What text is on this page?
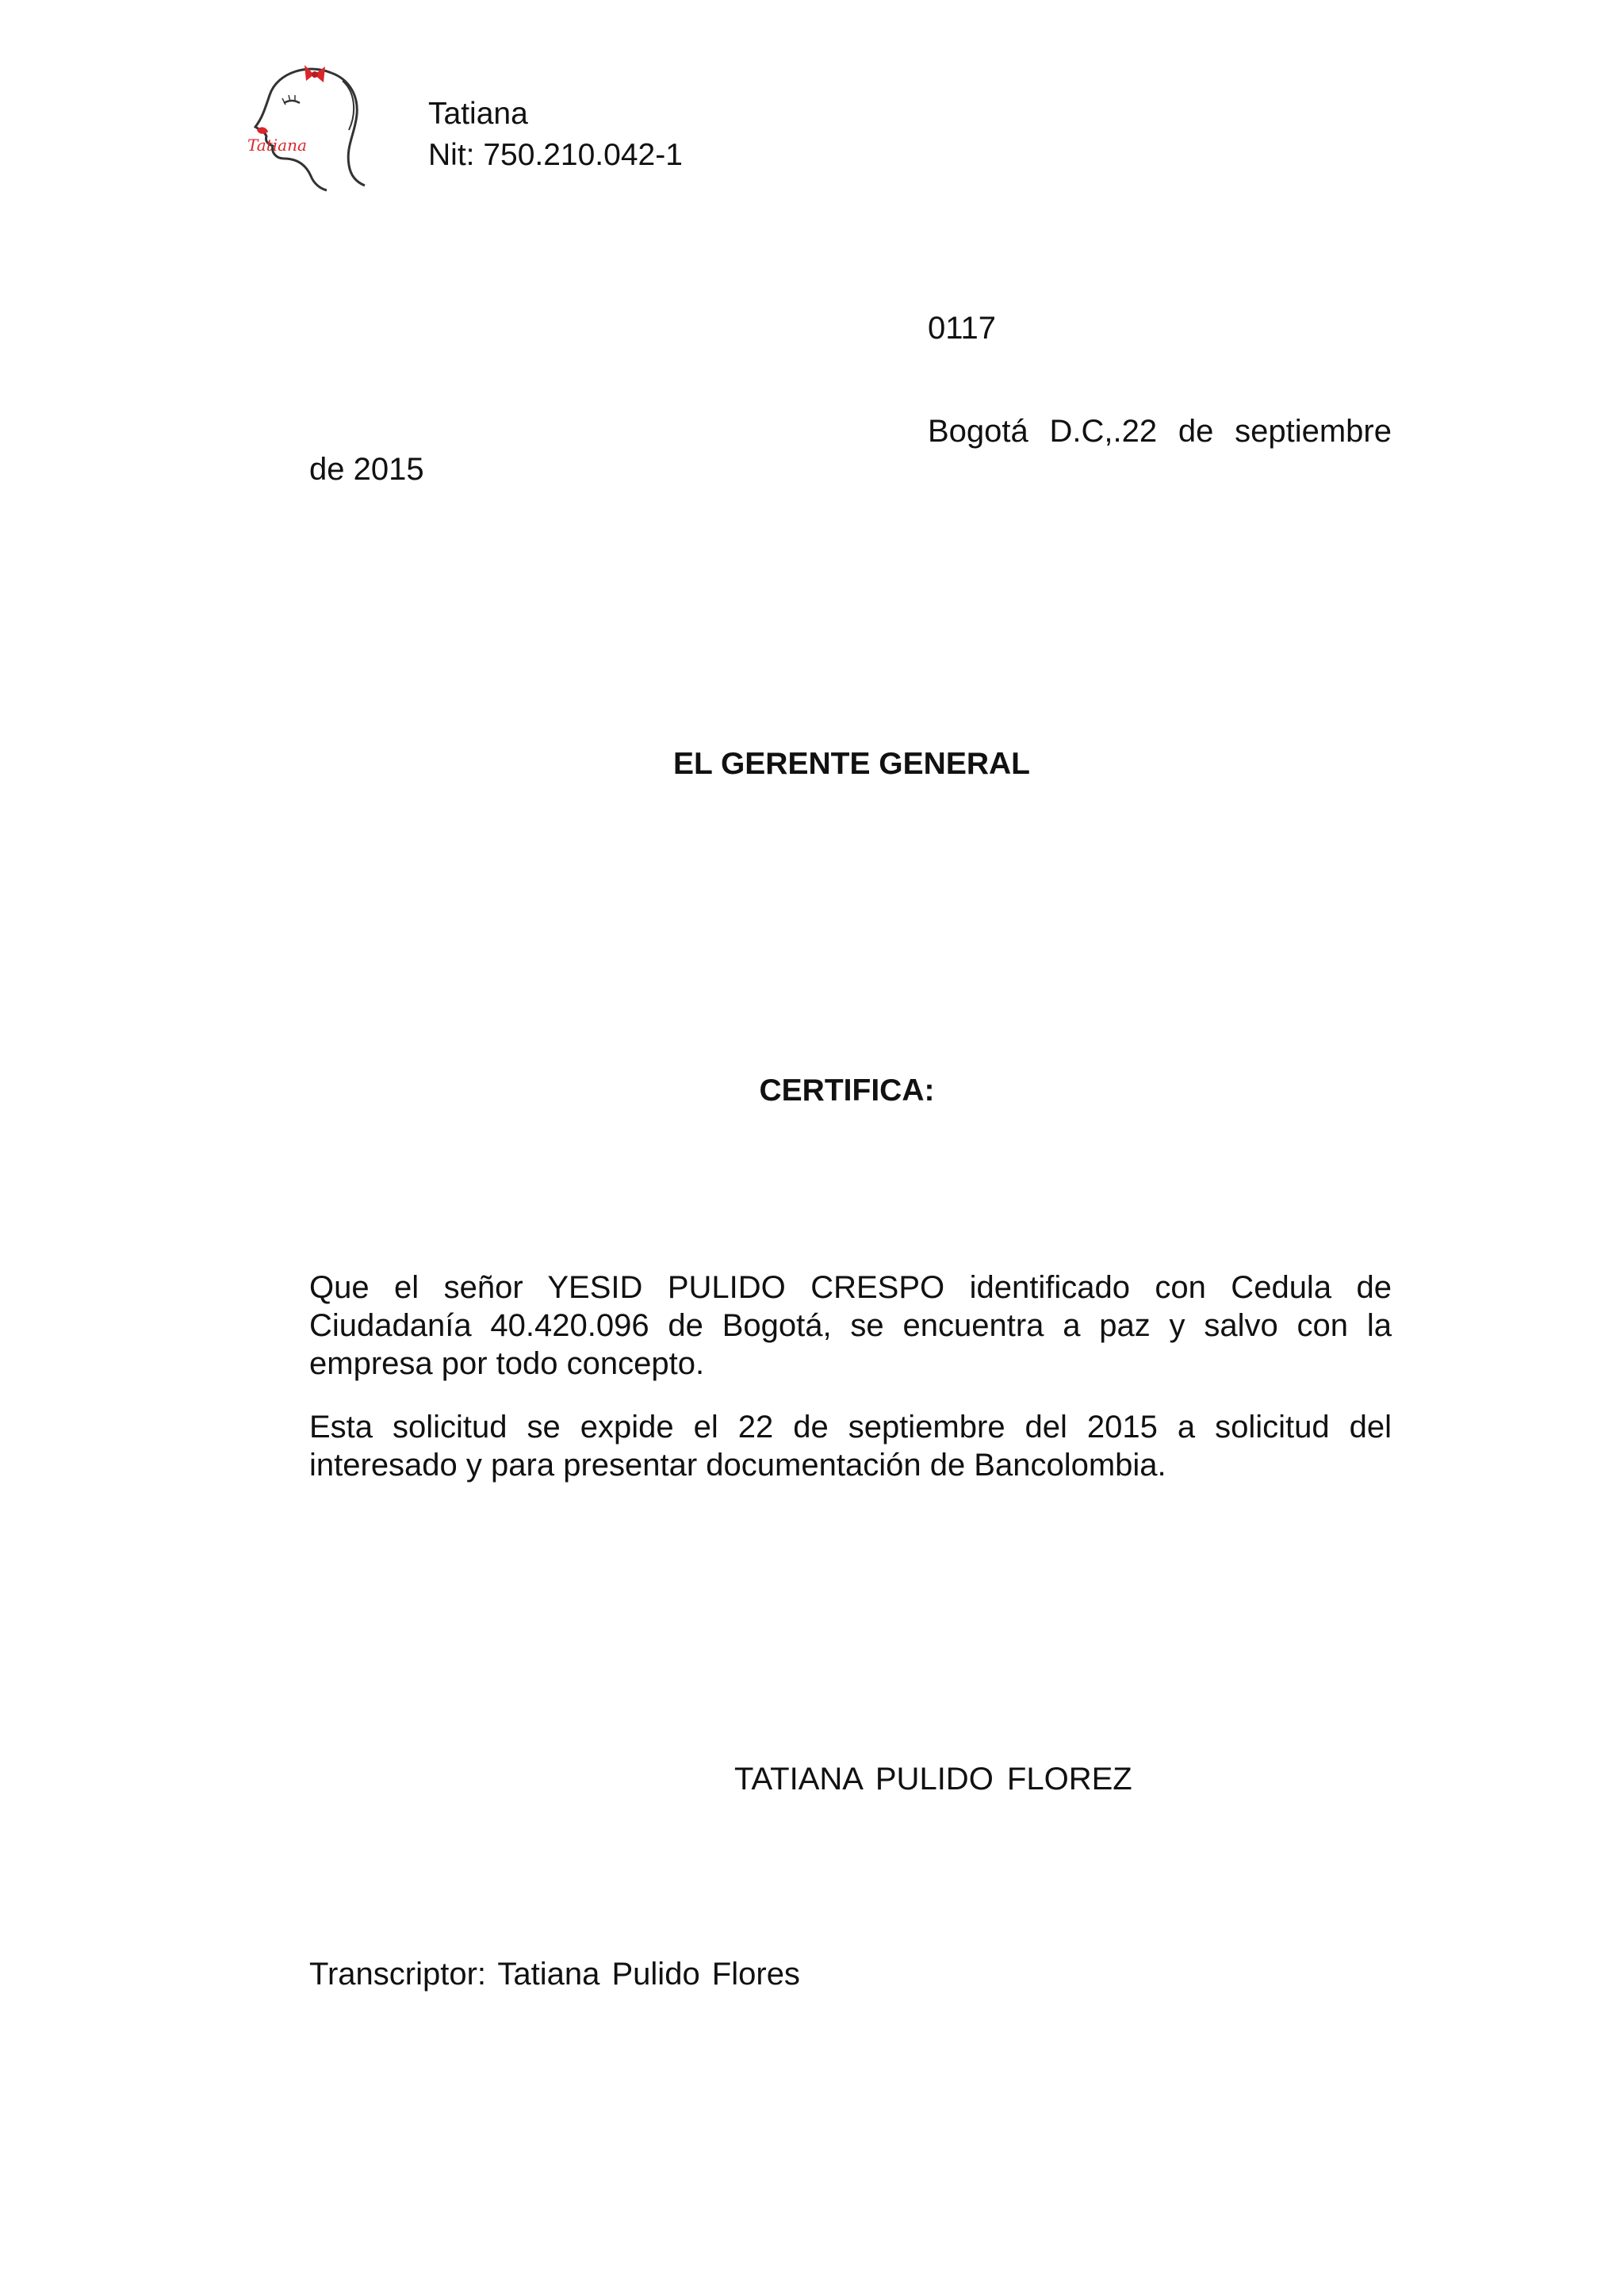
Tatiana
Tatiana
Nit: 750.210.042-1
0117
Bogotá D.C,.22 de septiembre
de 2015
EL GERENTE GENERAL
CERTIFICA:
Que el señor YESID PULIDO CRESPO identificado con Cedula de Ciudadanía 40.420.096 de Bogotá, se encuentra a paz y salvo con la empresa por todo concepto.
Esta solicitud se expide el 22 de septiembre del 2015 a solicitud del interesado y para presentar documentación de Bancolombia.
TATIANA PULIDO FLOREZ
Transcriptor: Tatiana Pulido Flores
